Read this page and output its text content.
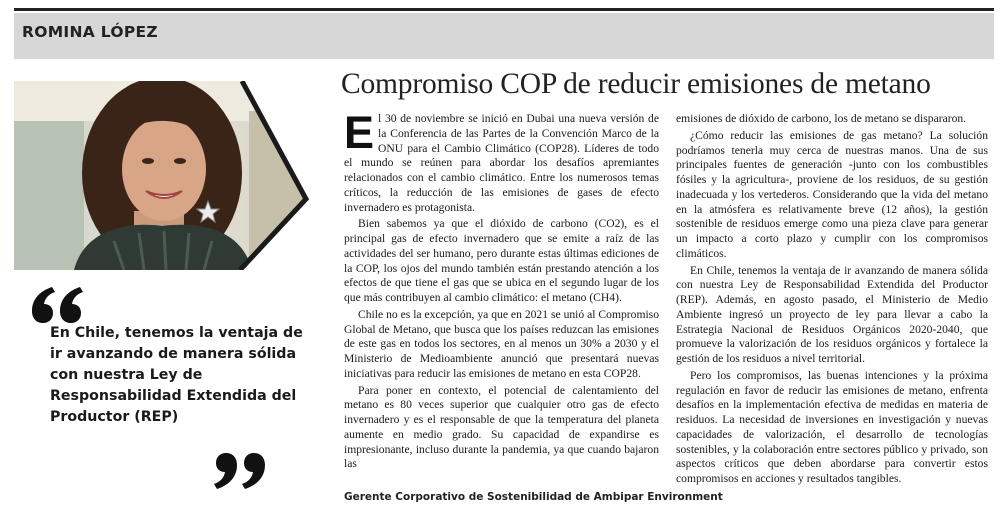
ROMINA LÓPEZ
En Chile, tenemos la ventaja de ir avanzando de manera sólida con nuestra Ley de Responsabilidad Extendida del Productor (REP)
Compromiso COP de reducir emisiones de metano

El 30 de noviembre se inició en Dubai una nueva versión de la Conferencia de las Partes de la Convención Marco de la ONU para el Cambio Climático (COP28). Líderes de todo el mundo se reúnen para abordar los desafíos apremiantes relacionados con el cambio climático. Entre los numerosos temas críticos, la reducción de las emisiones de gases de efecto invernadero es protagonista.

Bien sabemos ya que el dióxido de carbono (CO2), es el principal gas de efecto invernadero que se emite a raíz de las actividades del ser humano, pero durante estas últimas ediciones de la COP, los ojos del mundo también están prestando atención a los efectos de que tiene el gas que se ubica en el segundo lugar de los que más contribuyen al cambio climático: el metano (CH4).

Chile no es la excepción, ya que en 2021 se unió al Compromiso Global de Metano, que busca que los países reduzcan las emisiones de este gas en todos los sectores, en al menos un 30% a 2030 y el Ministerio de Medioambiente anunció que presentará nuevas iniciativas para reducir las emisiones de metano en esta COP28.

Para poner en contexto, el potencial de calentamiento del metano es 80 veces superior que cualquier otro gas de efecto invernadero y es el responsable de que la temperatura del planeta aumente en medio grado. Su capacidad de expandirse es impresionante, incluso durante la pandemia, ya que cuando bajaron las

emisiones de dióxido de carbono, los de metano se dispararon.

¿Cómo reducir las emisiones de gas metano? La solución podríamos tenerla muy cerca de nuestras manos. Una de sus principales fuentes de generación -junto con los combustibles fósiles y la agricultura-, proviene de los residuos, de su gestión inadecuada y los vertederos. Considerando que la vida del metano en la atmósfera es relativamente breve (12 años), la gestión sostenible de residuos emerge como una pieza clave para generar un impacto a corto plazo y cumplir con los compromisos climáticos.

En Chile, tenemos la ventaja de ir avanzando de manera sólida con nuestra Ley de Responsabilidad Extendida del Productor (REP). Además, en agosto pasado, el Ministerio de Medio Ambiente ingresó un proyecto de ley para llevar a cabo la Estrategia Nacional de Residuos Orgánicos 2020-2040, que promueve la valorización de los residuos orgánicos y fortalece la gestión de los residuos a nivel territorial.

Pero los compromisos, las buenas intenciones y la próxima regulación en favor de reducir las emisiones de metano, enfrenta desafíos en la implementación efectiva de medidas en materia de residuos. La necesidad de inversiones en investigación y nuevas capacidades de valorización, el desarrollo de tecnologías sostenibles, y la colaboración entre sectores público y privado, son aspectos críticos que deben abordarse para convertir estos compromisos en acciones y resultados tangibles.

Gerente Corporativo de Sostenibilidad de Ambipar Environment
